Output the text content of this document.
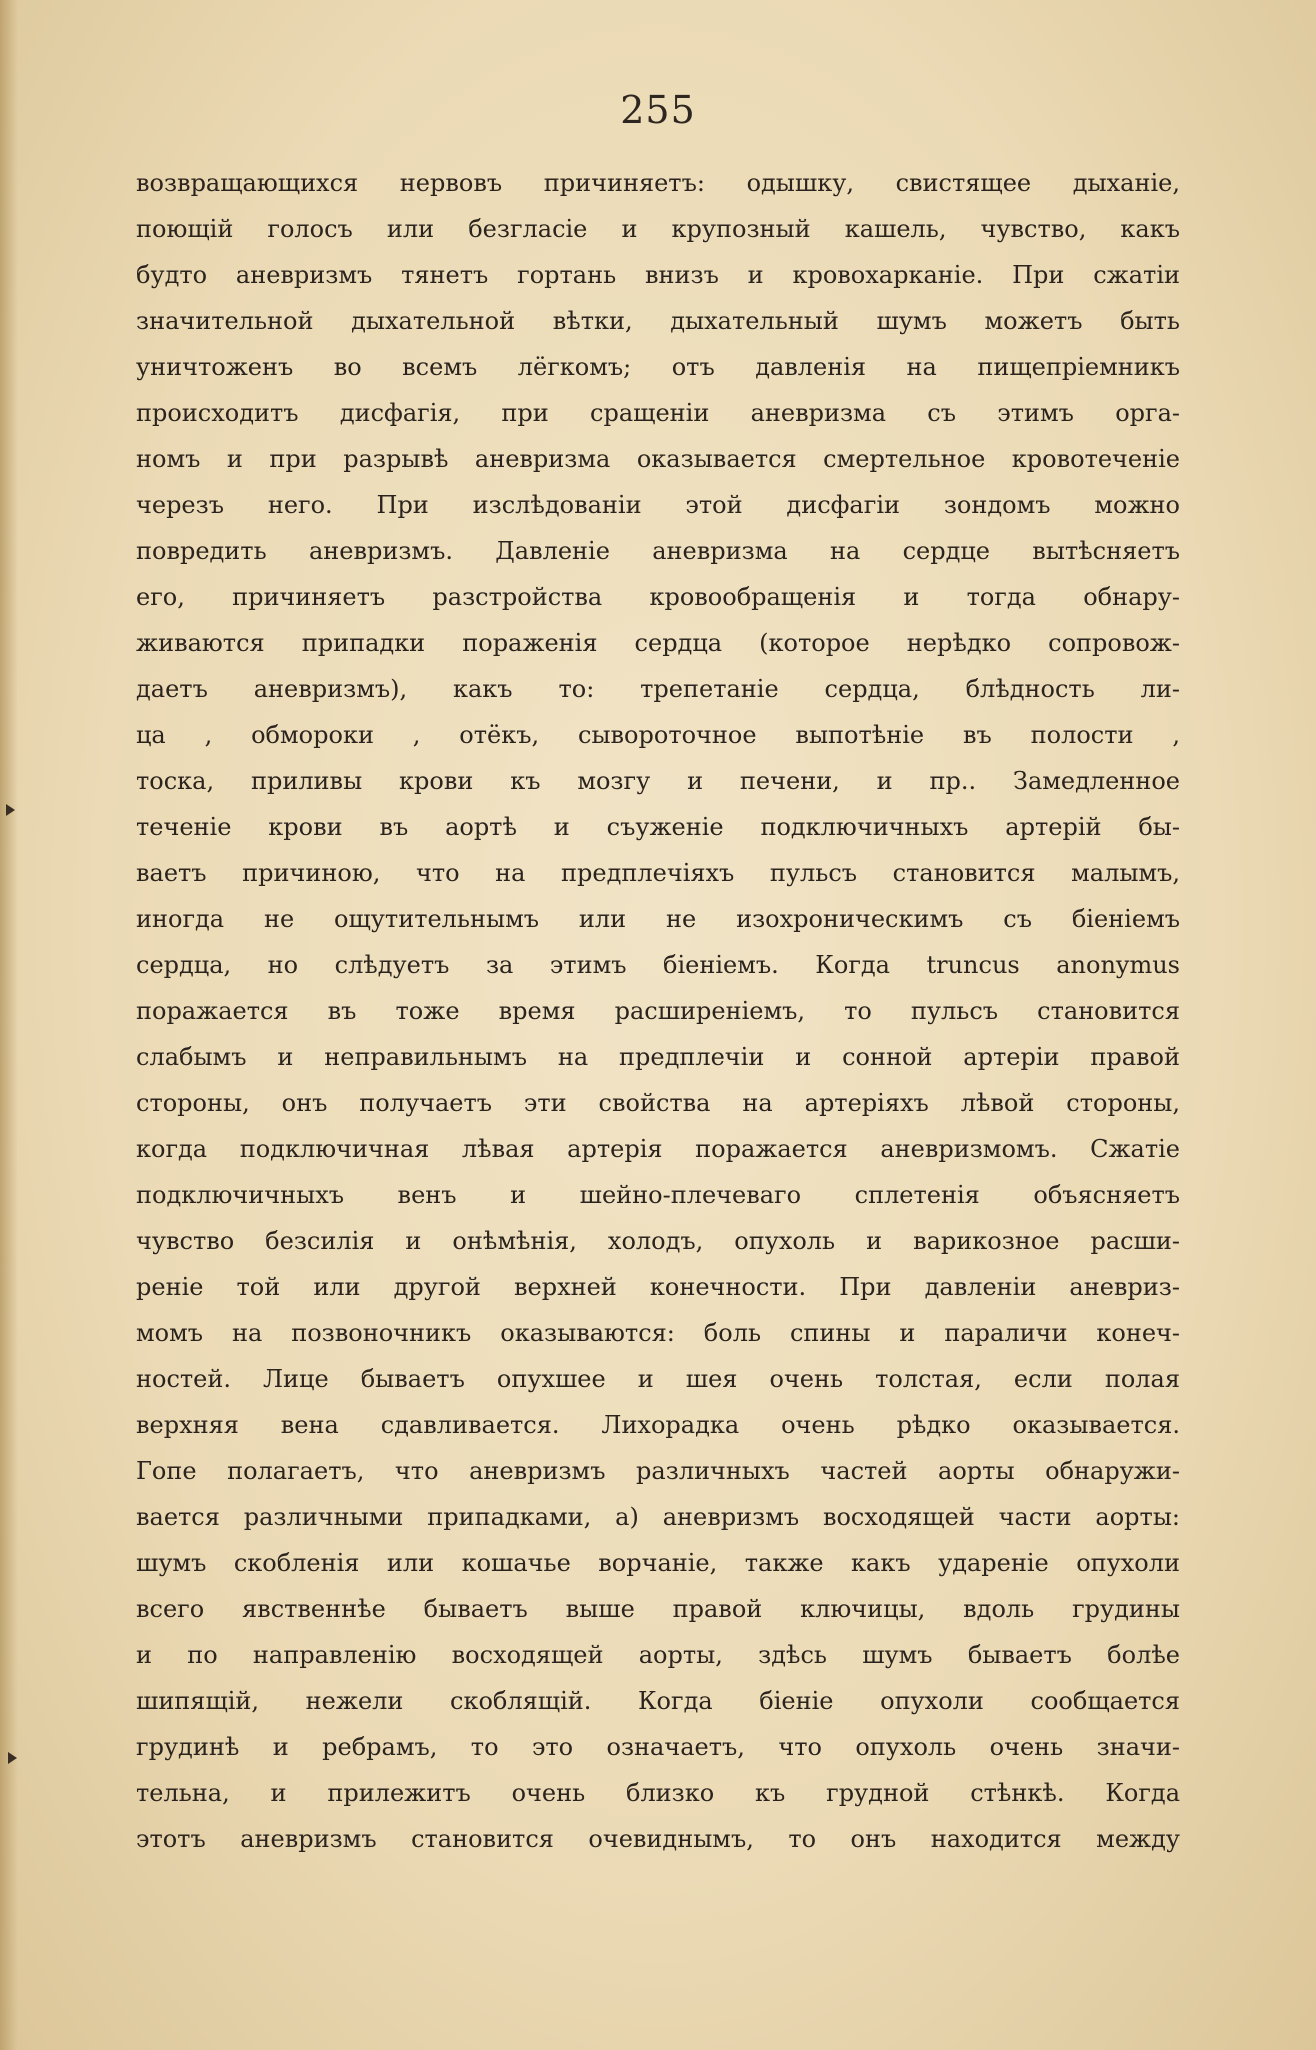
255
возвращающихся нервовъ причиняетъ: одышку, свистящее дыханіе,
поющій голосъ или безгласіе и крупозный кашель, чувство, какъ
будто аневризмъ тянетъ гортань внизъ и кровохарканіе. При сжатіи
значительной дыхательной вѣтки, дыхательный шумъ можетъ быть
уничтоженъ во всемъ лёгкомъ; отъ давленія на пищепріемникъ
происходитъ дисфагія, при сращеніи аневризма съ этимъ орга-
номъ и при разрывѣ аневризма оказывается смертельное кровотеченіе
черезъ него. При изслѣдованіи этой дисфагіи зондомъ можно
повредить аневризмъ. Давленіе аневризма на сердце вытѣсняетъ
его, причиняетъ разстройства кровообращенія и тогда обнару-
живаются припадки пораженія сердца (которое нерѣдко сопровож-
даетъ аневризмъ), какъ то: трепетаніе сердца, блѣдность ли-
ца , обмороки , отёкъ, сывороточное выпотѣніе въ полости ,
тоска, приливы крови къ мозгу и печени, и пр.. Замедленное
теченіе крови въ аортѣ и съуженіе подключичныхъ артерій бы-
ваетъ причиною, что на предплечіяхъ пульсъ становится малымъ,
иногда не ощутительнымъ или не изохроническимъ съ біеніемъ
сердца, но слѣдуетъ за этимъ біеніемъ. Когда truncus anonymus
поражается въ тоже время расширеніемъ, то пульсъ становится
слабымъ и неправильнымъ на предплечіи и сонной артеріи правой
стороны, онъ получаетъ эти свойства на артеріяхъ лѣвой стороны,
когда подключичная лѣвая артерія поражается аневризмомъ. Сжатіе
подключичныхъ венъ и шейно-плечеваго сплетенія объясняетъ
чувство безсилія и онѣмѣнія, холодъ, опухоль и варикозное расши-
реніе той или другой верхней конечности. При давленіи аневриз-
момъ на позвоночникъ оказываются: боль спины и параличи конеч-
ностей. Лице бываетъ опухшее и шея очень толстая, если полая
верхняя вена сдавливается. Лихорадка очень рѣдко оказывается.
Гопе полагаетъ, что аневризмъ различныхъ частей аорты обнаружи-
вается различными припадками, а) аневризмъ восходящей части аорты:
шумъ скобленія или кошачье ворчаніе, также какъ удареніе опухоли
всего явственнѣе бываетъ выше правой ключицы, вдоль грудины
и по направленію восходящей аорты, здѣсь шумъ бываетъ болѣе
шипящій, нежели скоблящій. Когда біеніе опухоли сообщается
грудинѣ и ребрамъ, то это означаетъ, что опухоль очень значи-
тельна, и прилежитъ очень близко къ грудной стѣнкѣ. Когда
этотъ аневризмъ становится очевиднымъ, то онъ находится между
